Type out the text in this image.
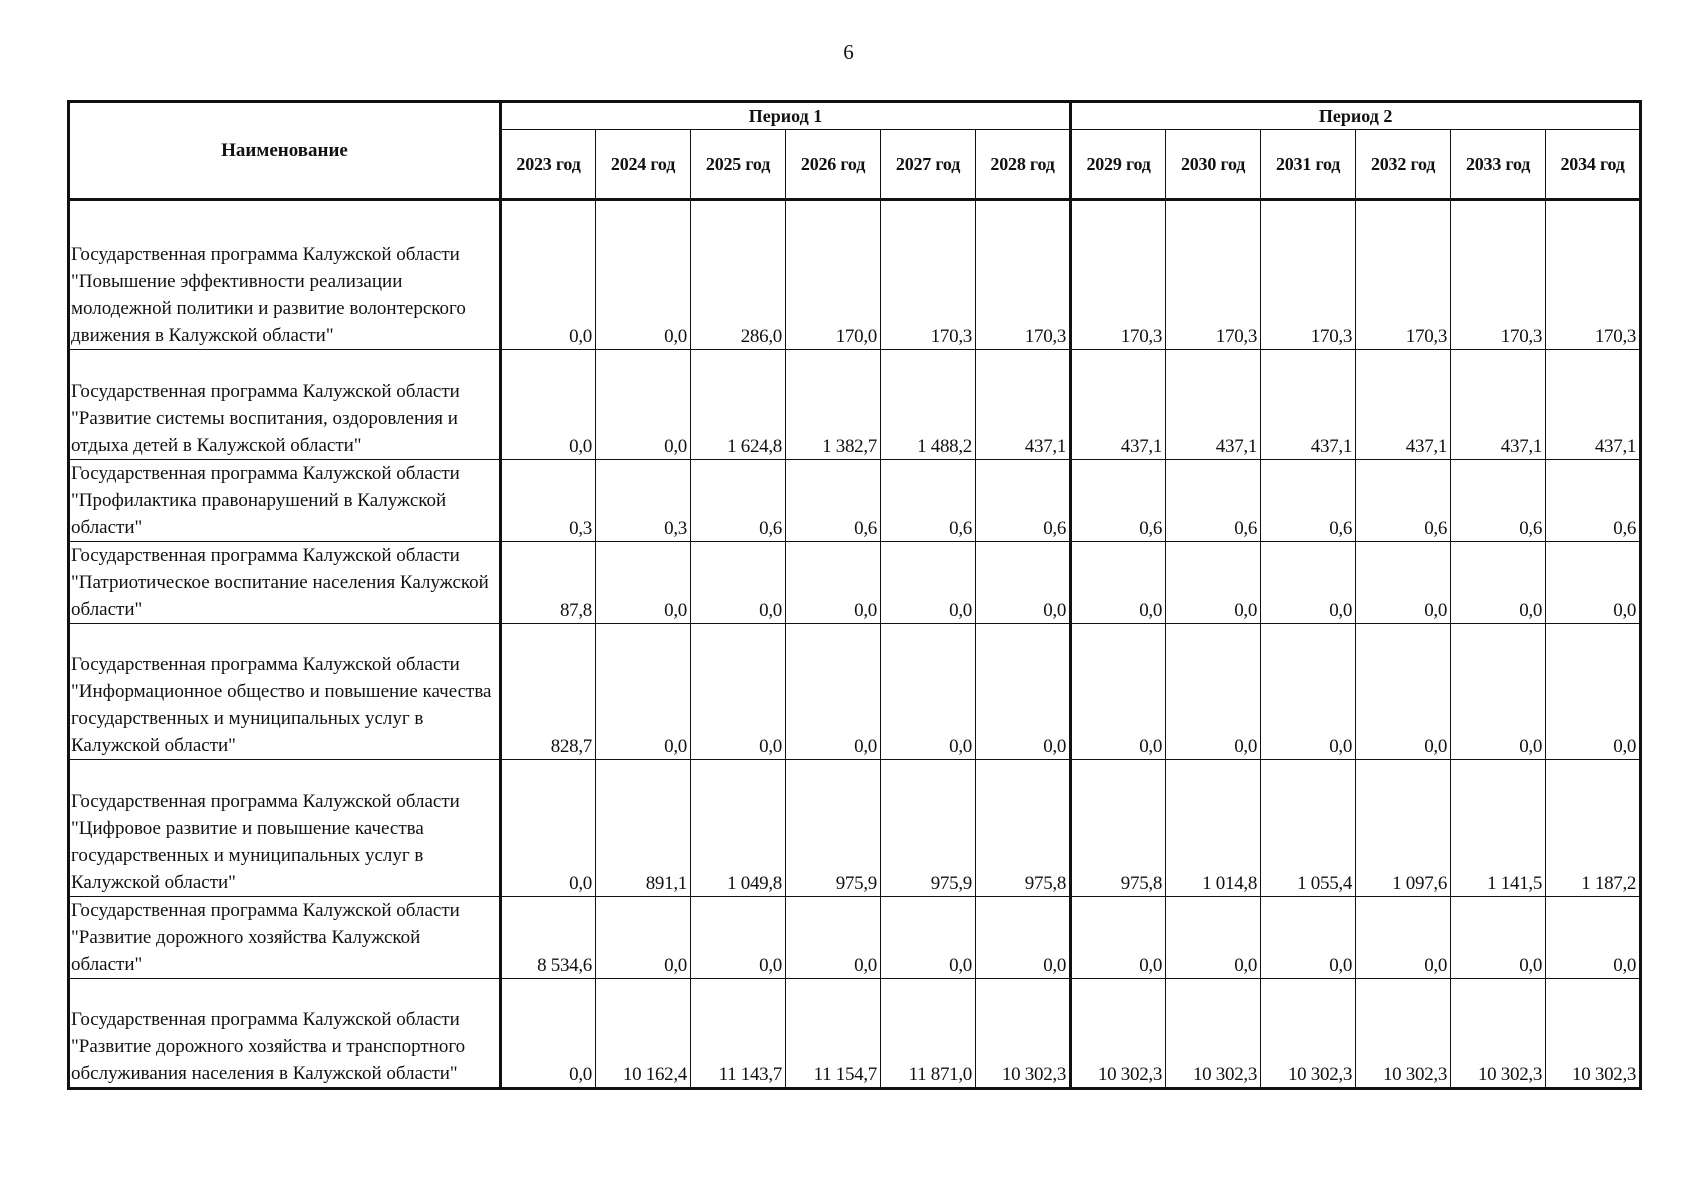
6
Наименование	Период 1						Период 2					
	2023 год	2024 год	2025 год	2026 год	2027 год	2028 год	2029 год	2030 год	2031 год	2032 год	2033 год	2034 год
Государственная программа Калужской области "Повышение эффективности реализации молодежной политики и развитие волонтерского движения в Калужской области"	0,0	0,0	286,0	170,0	170,3	170,3	170,3	170,3	170,3	170,3	170,3	170,3
Государственная программа Калужской области "Развитие системы воспитания, оздоровления и отдыха детей в Калужской области"	0,0	0,0	1 624,8	1 382,7	1 488,2	437,1	437,1	437,1	437,1	437,1	437,1	437,1
Государственная программа Калужской области "Профилактика правонарушений в Калужской области"	0,3	0,3	0,6	0,6	0,6	0,6	0,6	0,6	0,6	0,6	0,6	0,6
Государственная программа Калужской области "Патриотическое воспитание населения Калужской области"	87,8	0,0	0,0	0,0	0,0	0,0	0,0	0,0	0,0	0,0	0,0	0,0
Государственная программа Калужской области "Информационное общество и повышение качества государственных и муниципальных услуг в Калужской области"	828,7	0,0	0,0	0,0	0,0	0,0	0,0	0,0	0,0	0,0	0,0	0,0
Государственная программа Калужской области "Цифровое развитие и повышение качества государственных и муниципальных услуг в Калужской области"	0,0	891,1	1 049,8	975,9	975,9	975,8	975,8	1 014,8	1 055,4	1 097,6	1 141,5	1 187,2
Государственная программа Калужской области "Развитие дорожного хозяйства Калужской области"	8 534,6	0,0	0,0	0,0	0,0	0,0	0,0	0,0	0,0	0,0	0,0	0,0
Государственная программа Калужской области "Развитие дорожного хозяйства и транспортного обслуживания населения в Калужской области"	0,0	10 162,4	11 143,7	11 154,7	11 871,0	10 302,3	10 302,3	10 302,3	10 302,3	10 302,3	10 302,3	10 302,3
